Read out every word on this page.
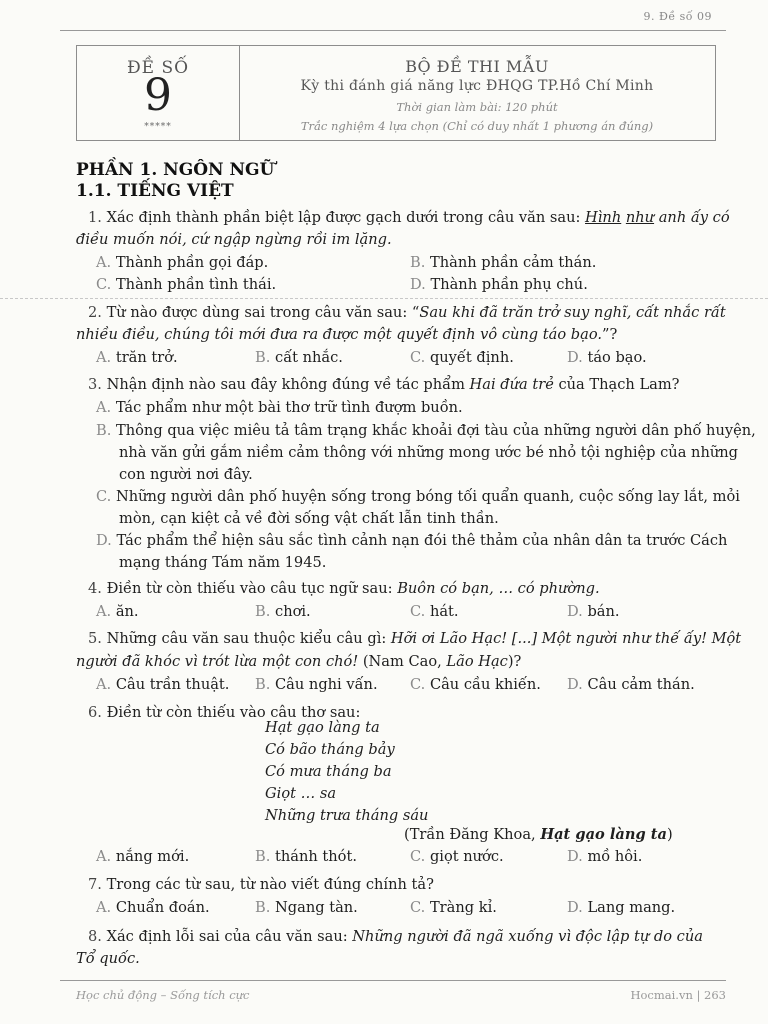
9. Đề số 09
ĐỀ SỐ
9
*****
BỘ ĐỀ THI MẪU
Kỳ thi đánh giá năng lực ĐHQG TP.Hồ Chí Minh
Thời gian làm bài: 120 phút
Trắc nghiệm 4 lựa chọn (Chỉ có duy nhất 1 phương án đúng)
PHẦN 1. NGÔN NGỮ
1.1. TIẾNG VIỆT
1. Xác định thành phần biệt lập được gạch dưới trong câu văn sau: Hình như anh ấy có
điều muốn nói, cứ ngập ngừng rồi im lặng.
A. Thành phần gọi đáp.	B. Thành phần cảm thán.
C. Thành phần tình thái.	D. Thành phần phụ chú.
2. Từ nào được dùng sai trong câu văn sau: “Sau khi đã trăn trở suy nghĩ, cất nhắc rất
nhiều điều, chúng tôi mới đưa ra được một quyết định vô cùng táo bạo.”?
A. trăn trở.	B. cất nhắc.	C. quyết định.	D. táo bạo.
3. Nhận định nào sau đây không đúng về tác phẩm Hai đứa trẻ của Thạch Lam?
A. Tác phẩm như một bài thơ trữ tình đượm buồn.
B. Thông qua việc miêu tả tâm trạng khắc khoải đợi tàu của những người dân phố huyện,
nhà văn gửi gắm niềm cảm thông với những mong ước bé nhỏ tội nghiệp của những
con người nơi đây.
C. Những người dân phố huyện sống trong bóng tối quẩn quanh, cuộc sống lay lắt, mỏi
mòn, cạn kiệt cả về đời sống vật chất lẫn tinh thần.
D. Tác phẩm thể hiện sâu sắc tình cảnh nạn đói thê thảm của nhân dân ta trước Cách
mạng tháng Tám năm 1945.
4. Điền từ còn thiếu vào câu tục ngữ sau: Buôn có bạn, … có phường.
A. ăn.	B. chơi.	C. hát.	D. bán.
5. Những câu văn sau thuộc kiểu câu gì: Hỡi ơi Lão Hạc! [...] Một người như thế ấy! Một
người đã khóc vì trót lừa một con chó! (Nam Cao, Lão Hạc)?
A. Câu trần thuật. B. Câu nghi vấn. C. Câu cầu khiến. D. Câu cảm thán.
6. Điền từ còn thiếu vào câu thơ sau:
Hạt gạo làng ta
Có bão tháng bảy
Có mưa tháng ba
Giọt … sa
Những trưa tháng sáu
(Trần Đăng Khoa, Hạt gạo làng ta)
A. nắng mới.	B. thánh thót.	C. giọt nước.	D. mồ hôi.
7. Trong các từ sau, từ nào viết đúng chính tả?
A. Chuẩn đoán.	B. Ngang tàn.	C. Tràng kỉ.	D. Lang mang.
8. Xác định lỗi sai của câu văn sau: Những người đã ngã xuống vì độc lập tự do của
Tổ quốc.
Học chủ động – Sống tích cực	Hocmai.vn | 263
